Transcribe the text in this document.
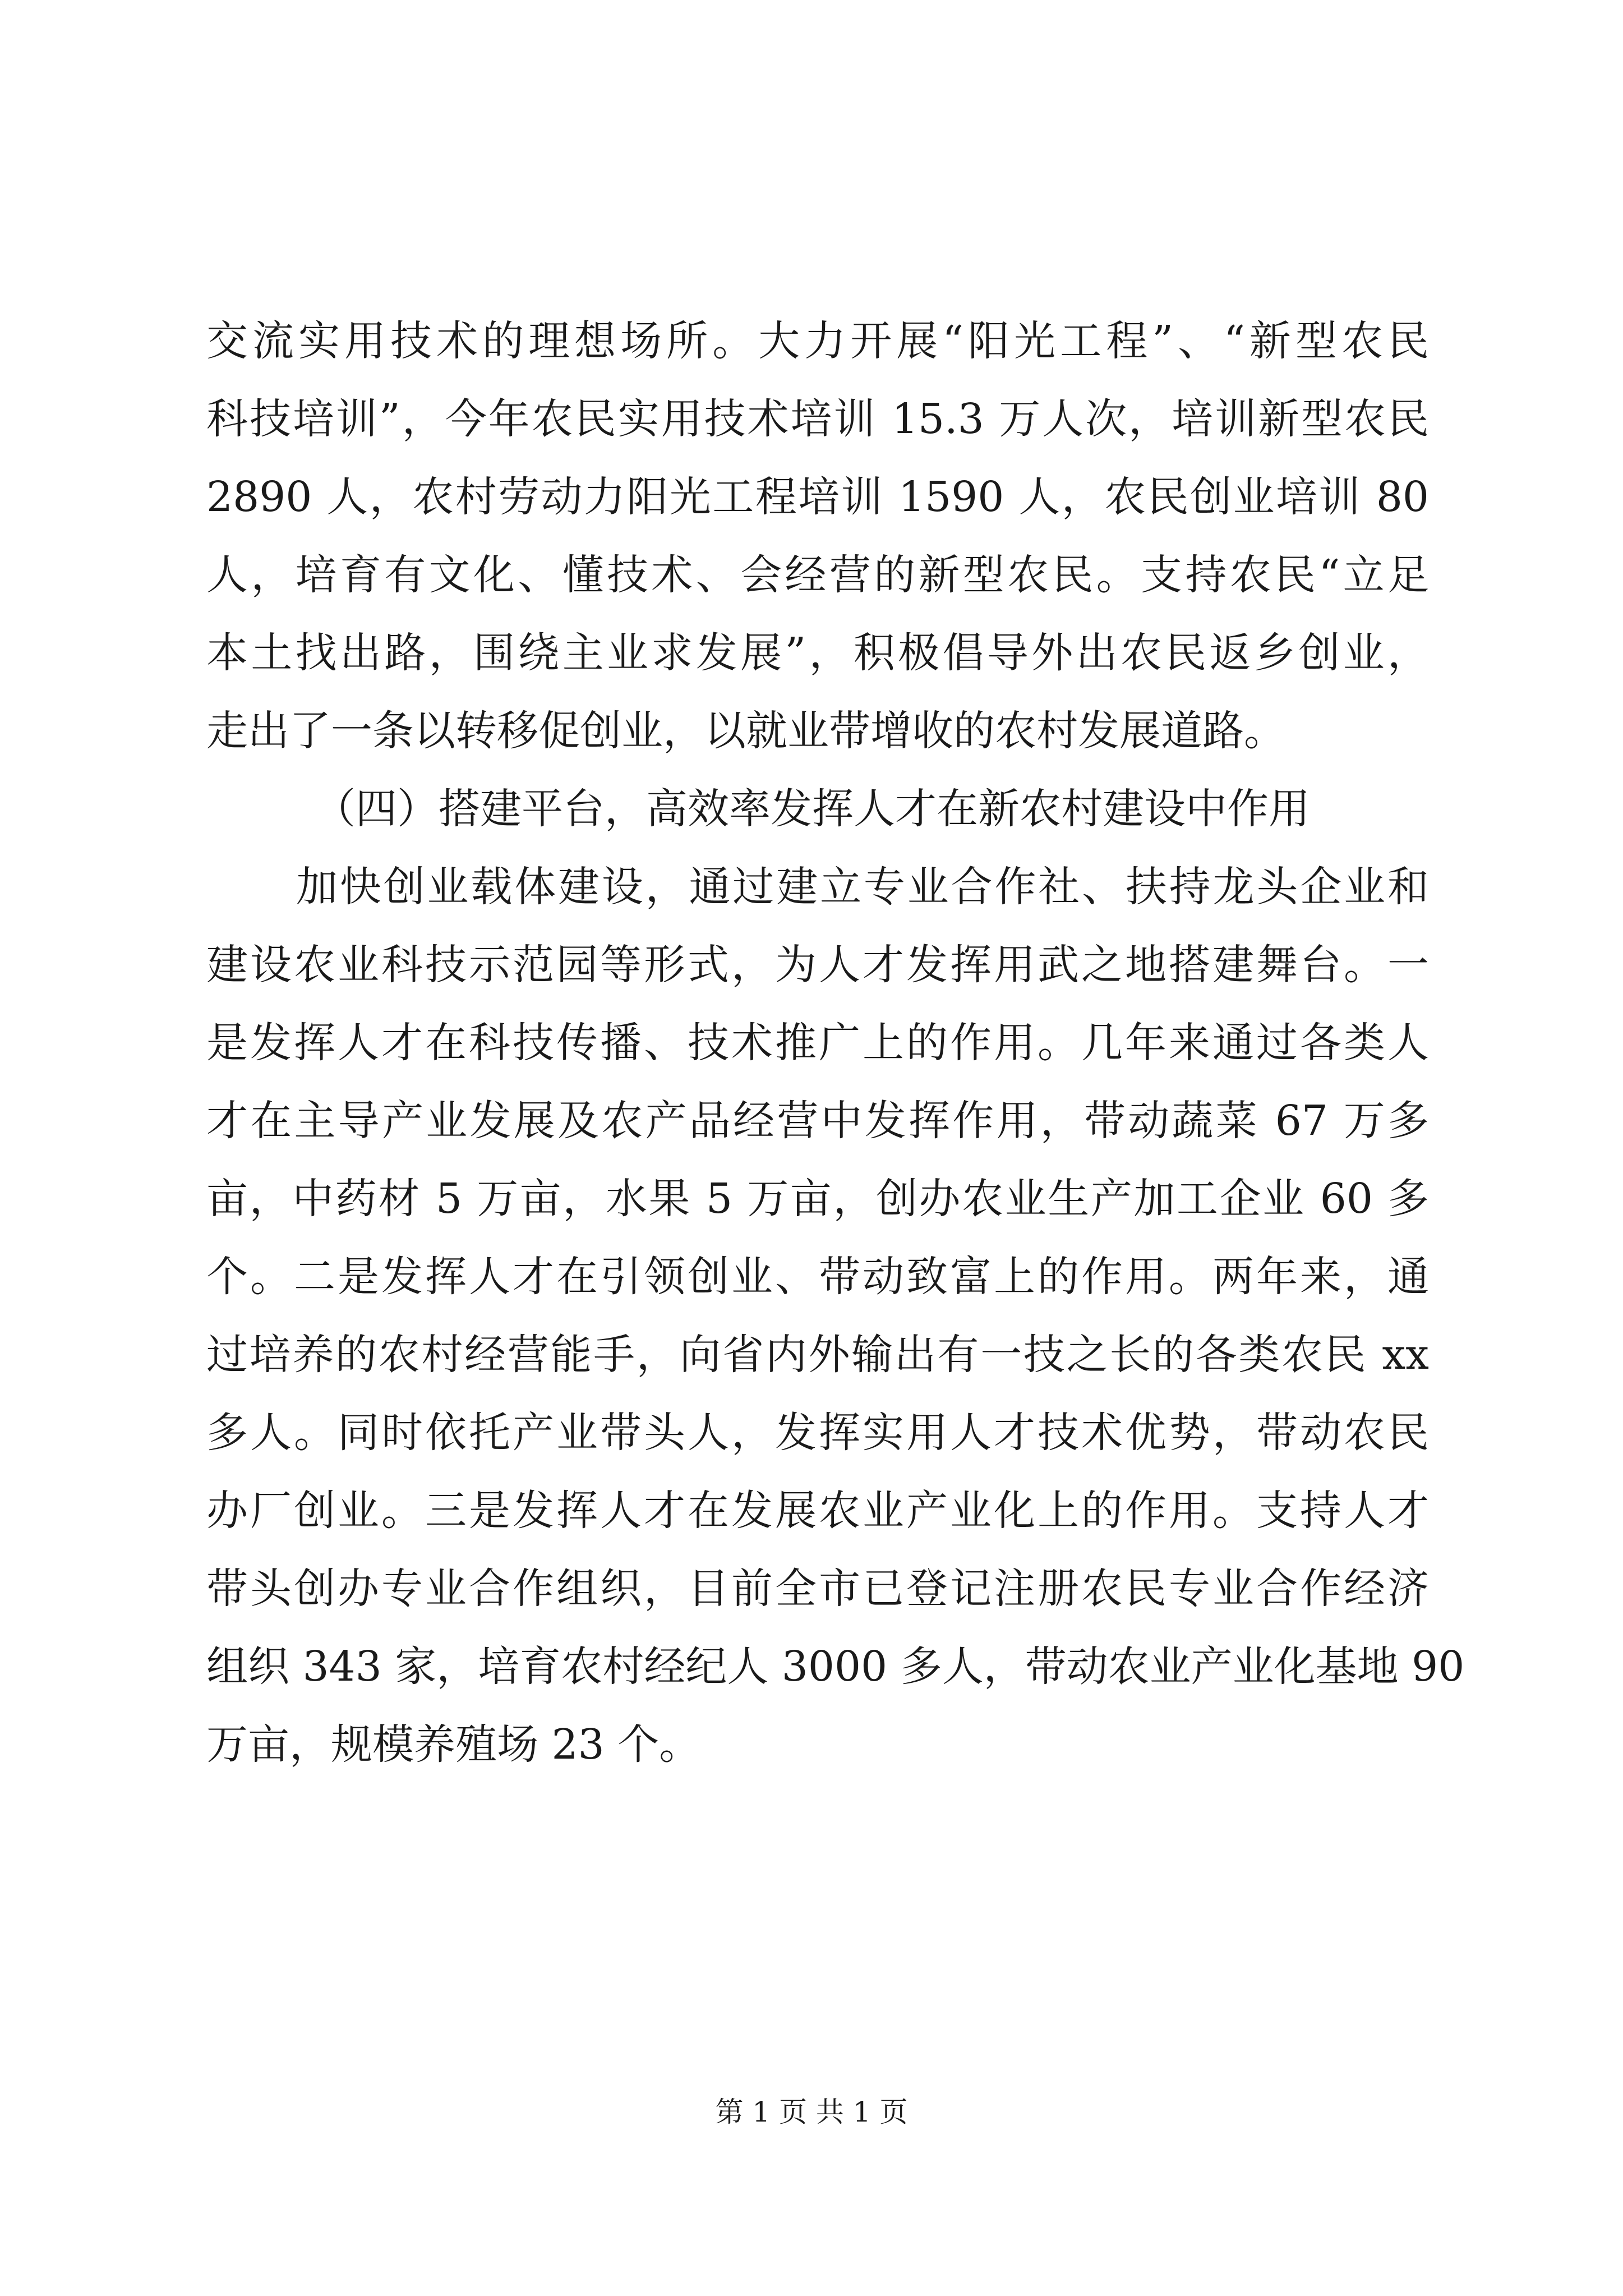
交流实用技术的理想场所。大力开展“阳光工程”、“新型农民
科技培训”，今年农民实用技术培训 15.3 万人次，培训新型农民
2890 人，农村劳动力阳光工程培训 1590 人，农民创业培训 80
人，培育有文化、懂技术、会经营的新型农民。支持农民“立足
本土找出路，围绕主业求发展”，积极倡导外出农民返乡创业，
走出了一条以转移促创业，以就业带增收的农村发展道路。
（四）搭建平台，高效率发挥人才在新农村建设中作用
加快创业载体建设，通过建立专业合作社、扶持龙头企业和
建设农业科技示范园等形式，为人才发挥用武之地搭建舞台。一
是发挥人才在科技传播、技术推广上的作用。几年来通过各类人
才在主导产业发展及农产品经营中发挥作用，带动蔬菜 67 万多
亩，中药材 5 万亩，水果 5 万亩，创办农业生产加工企业 60 多
个。二是发挥人才在引领创业、带动致富上的作用。两年来，通
过培养的农村经营能手，向省内外输出有一技之长的各类农民 xx
多人。同时依托产业带头人，发挥实用人才技术优势，带动农民
办厂创业。三是发挥人才在发展农业产业化上的作用。支持人才
带头创办专业合作组织，目前全市已登记注册农民专业合作经济
组织 343 家，培育农村经纪人 3000 多人，带动农业产业化基地 90
万亩，规模养殖场 23 个。
第 1 页 共 1 页
